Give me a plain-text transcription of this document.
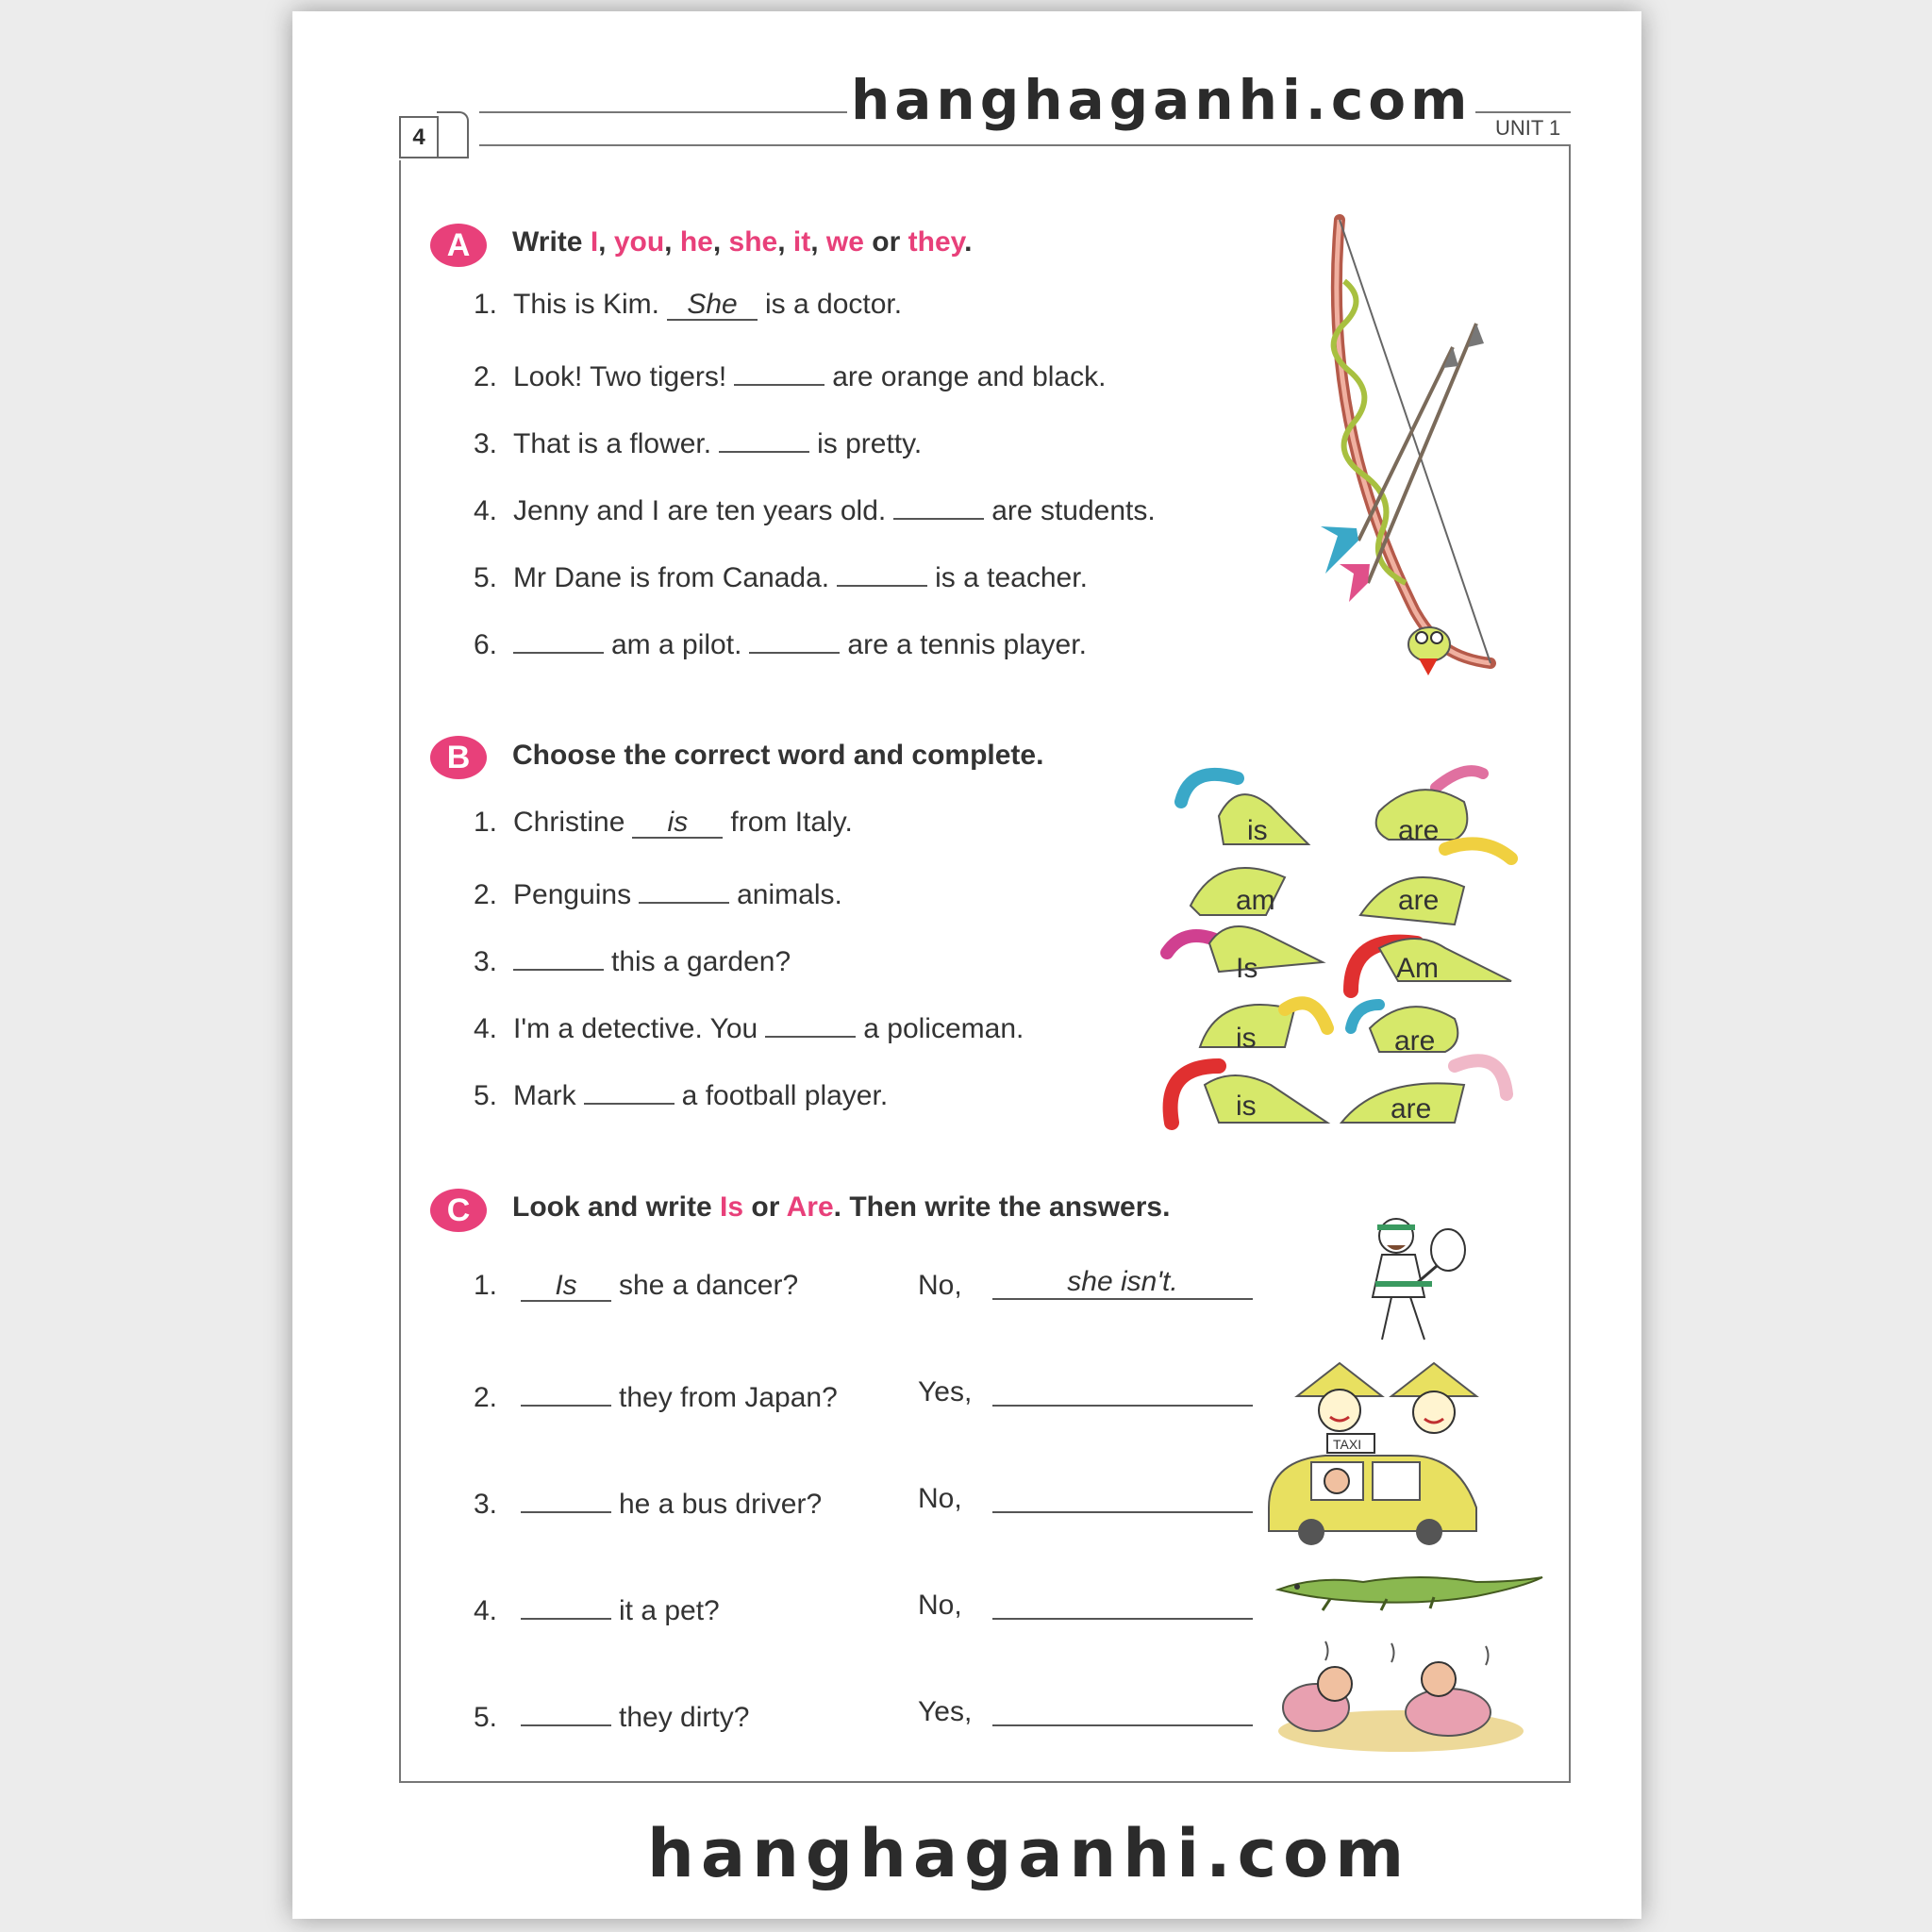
4	UNIT 1
hanghaganhi.com
A	Write I, you, he, she, it, we or they.
1. This is Kim. She is a doctor.
2. Look! Two tigers!	are orange and black.
3. That is a flower.	is pretty.
4. Jenny and I are ten years old.	are students.
5. Mr Dane is from Canada.	is a teacher.
6.	am a pilot.	are a tennis player.
B	Choose the correct word and complete.
1. Christine is from Italy.
2. Penguins	animals.
3.	this a garden?
4. I'm a detective. You	a policeman.
5. Mark	a football player.
is	are
am	are
Is	Am
is	are
is	are
C	Look and write Is or Are. Then write the answers.
1. Is she a dancer?	No,	she isn't.
2.	they from Japan?	Yes,
3.	he a bus driver?	No,
4.	it a pet?	No,
5.	they dirty?	Yes,
TAXI
hanghaganhi.com
